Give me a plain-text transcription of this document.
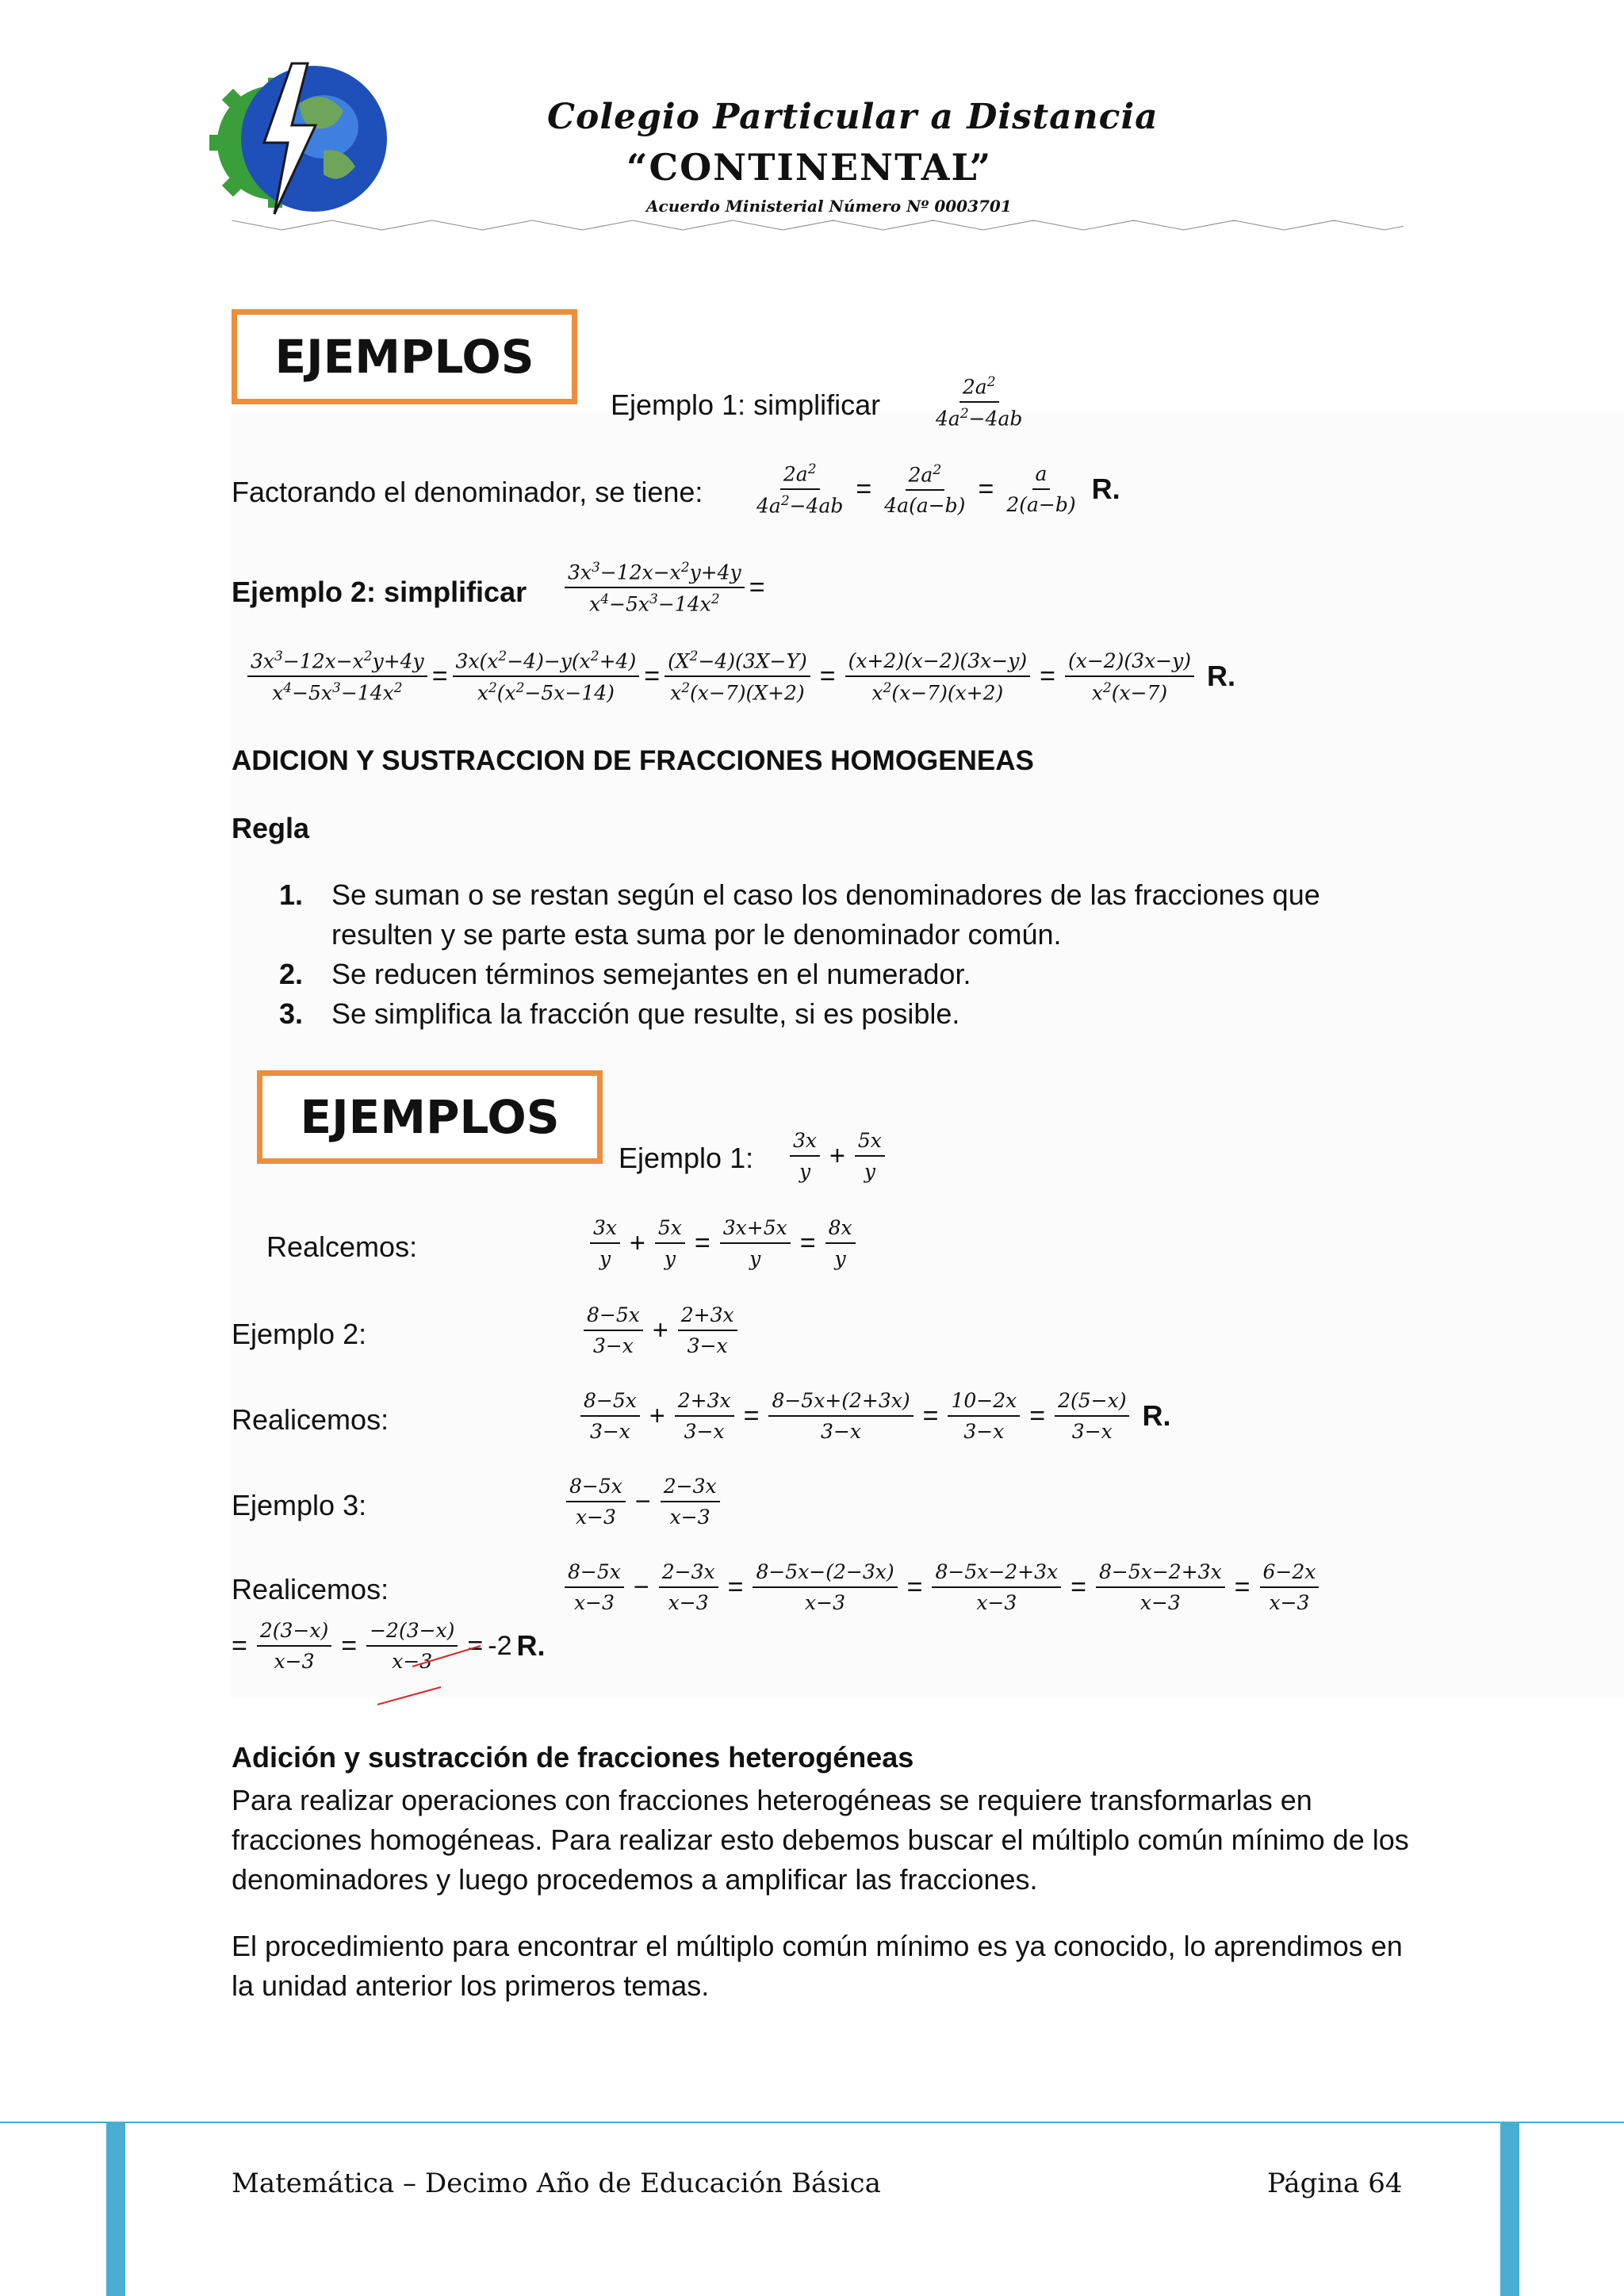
Colegio Particular a Distancia
“CONTINENTAL”
Acuerdo Ministerial Número Nº 0003701
EJEMPLOS
Ejemplo 1: simplificar	$\frac{2a^2}{4a^2-4ab}$
Factorando el denominador, se tiene:	$\frac{2a^2}{4a^2-4ab} = \frac{2a^2}{4a(a-b)} = \frac{a}{2(a-b)} R$.
Ejemplo 2: simplificar $\frac{3x^3-12x-x^2y+4y}{x^4-5x^3-14x^2}$ =
$\frac{3x^3-12x-x^2y+4y}{x^4-5x^3-14x^2} = \frac{3x(x^2-4)-y(x^2+4)}{x^2(x^2-5x-14)} = \frac{(X^2-4)(3X-Y)}{x^2(x-7)(X+2)} = \frac{(x+2)(x-2)(3x-y)}{x^2(x-7)(x+2)} = \frac{(x-2)(3x-y)}{x^2(x-7)} R$.
ADICION Y SUSTRACCION DE FRACCIONES HOMOGENEAS
Regla
1. Se suman o se restan según el caso los denominadores de las fracciones que resulten y se parte esta suma por le denominador común.
2. Se reducen términos semejantes en el numerador.
3. Se simplifica la fracción que resulte, si es posible.
EJEMPLOS
Ejemplo 1: $\frac{3x}{y} + \frac{5x}{y}$
Realcemos:	$\frac{3x}{y} + \frac{5x}{y} = \frac{3x+5x}{y} = \frac{8x}{y}$
Ejemplo 2:	$\frac{8-5x}{3-x} + \frac{2+3x}{3-x}$
Realicemos:	$\frac{8-5x}{3-x} + \frac{2+3x}{3-x} = \frac{8-5x+(2+3x)}{3-x} = \frac{10-2x}{3-x} = \frac{2(5-x)}{3-x} R$.
Ejemplo 3:	$\frac{8-5x}{x-3} - \frac{2-3x}{x-3}$
Realicemos:	$\frac{8-5x}{x-3} - \frac{2-3x}{x-3} = \frac{8-5x-(2-3x)}{x-3} = \frac{8-5x-2+3x}{x-3} = \frac{8-5x-2+3x}{x-3} = \frac{6-2x}{x-3}$
= $\frac{2(3-x)}{x-3} = \frac{-2(3-x)}{x-3} = -2$ R.
Adición y sustracción de fracciones heterogéneas
Para realizar operaciones con fracciones heterogéneas se requiere transformarlas en fracciones homogéneas. Para realizar esto debemos buscar el múltiplo común mínimo de los denominadores y luego procedemos a amplificar las fracciones.
El procedimiento para encontrar el múltiplo común mínimo es ya conocido, lo aprendimos en la unidad anterior los primeros temas.
Matemática – Decimo Año de Educación Básica	Página 64
